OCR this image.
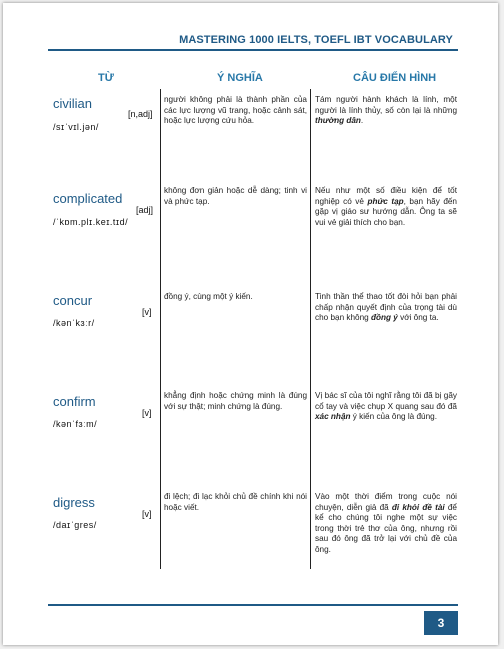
MASTERING 1000 IELTS, TOEFL IBT VOCABULARY
TỪ	Ý NGHĨA	CÂU ĐIỂN HÌNH
civilian
[n,adj]
/sɪˈvɪl.jən/
người không phải là thành phần của các lực lượng vũ trang, hoặc cảnh sát, hoặc lực lượng cứu hỏa.
Tám người hành khách là lính, một người là lính thủy, số còn lại là những thường dân.
complicated
[adj]
/ˈkɒm.plɪ.keɪ.tɪd/
không đơn giản hoặc dễ dàng; tinh vi và phức tạp.
Nếu như một số điều kiện để tốt nghiệp có vẻ phức tạp, bạn hãy đến gặp vị giáo sư hướng dẫn. Ông ta sẽ vui vẻ giải thích cho bạn.
concur
[v]
/kənˈkɜːr/
đồng ý, cùng một ý kiến.	Tinh thần thể thao tốt đòi hỏi bạn phải chấp nhận quyết định của trọng tài dù cho bạn không đồng ý với ông ta.
confirm
[v]
/kənˈfɜːm/
khẳng định hoặc chứng minh là đúng với sự thật; minh chứng là đúng.
Vị bác sĩ của tôi nghĩ rằng tôi đã bị gãy cổ tay và việc chụp X quang sau đó đã xác nhận ý kiến của ông là đúng.
digress
[v]
/daɪˈgres/
đi lệch; đi lạc khỏi chủ đề chính khi nói hoặc viết.
Vào một thời điểm trong cuộc nói chuyện, diễn giả đã đi khỏi đề tài để kể cho chúng tôi nghe một sự việc trong thời trẻ thơ của ông, nhưng rồi sau đó ông đã trở lại với chủ đề của ông.
3
